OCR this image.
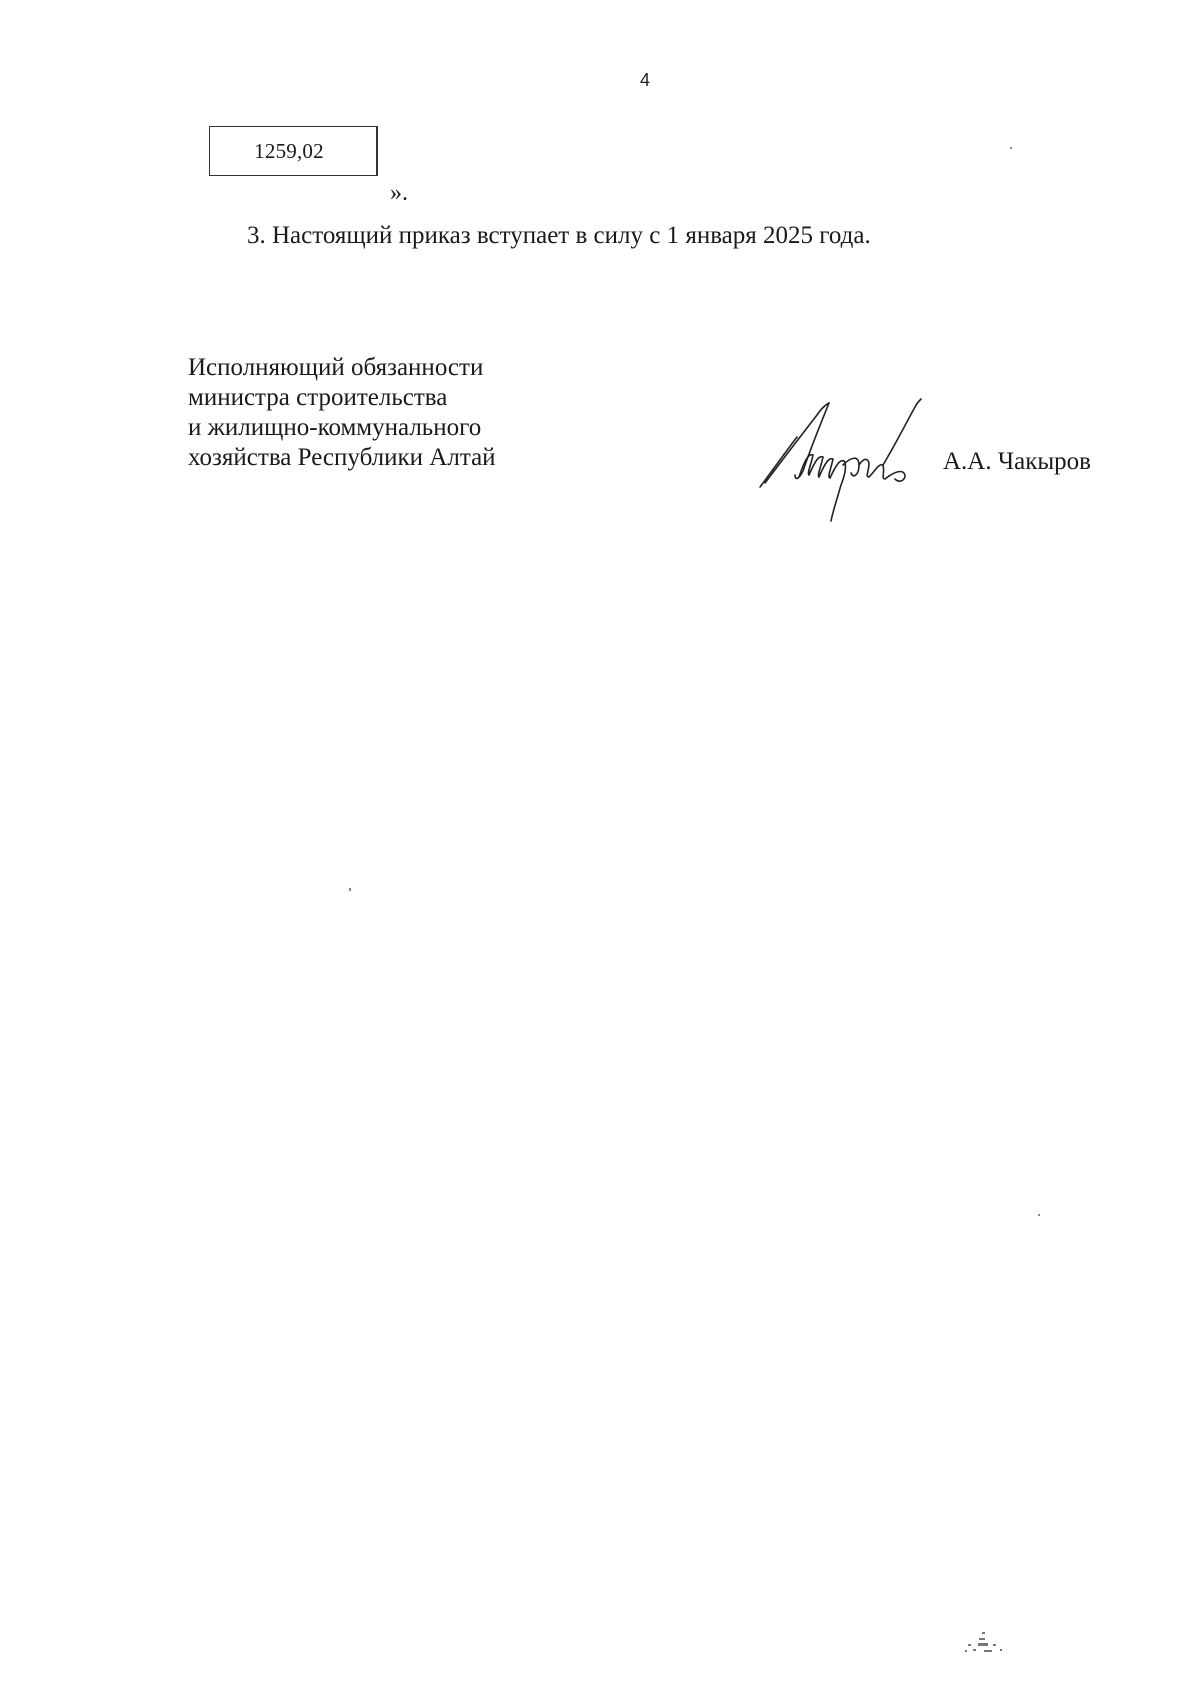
4
1259,02
».
3. Настоящий приказ вступает в силу с 1 января 2025 года.
Исполняющий обязанности
министра строительства
и жилищно-коммунального
хозяйства Республики Алтай	А.А. Чакыров
